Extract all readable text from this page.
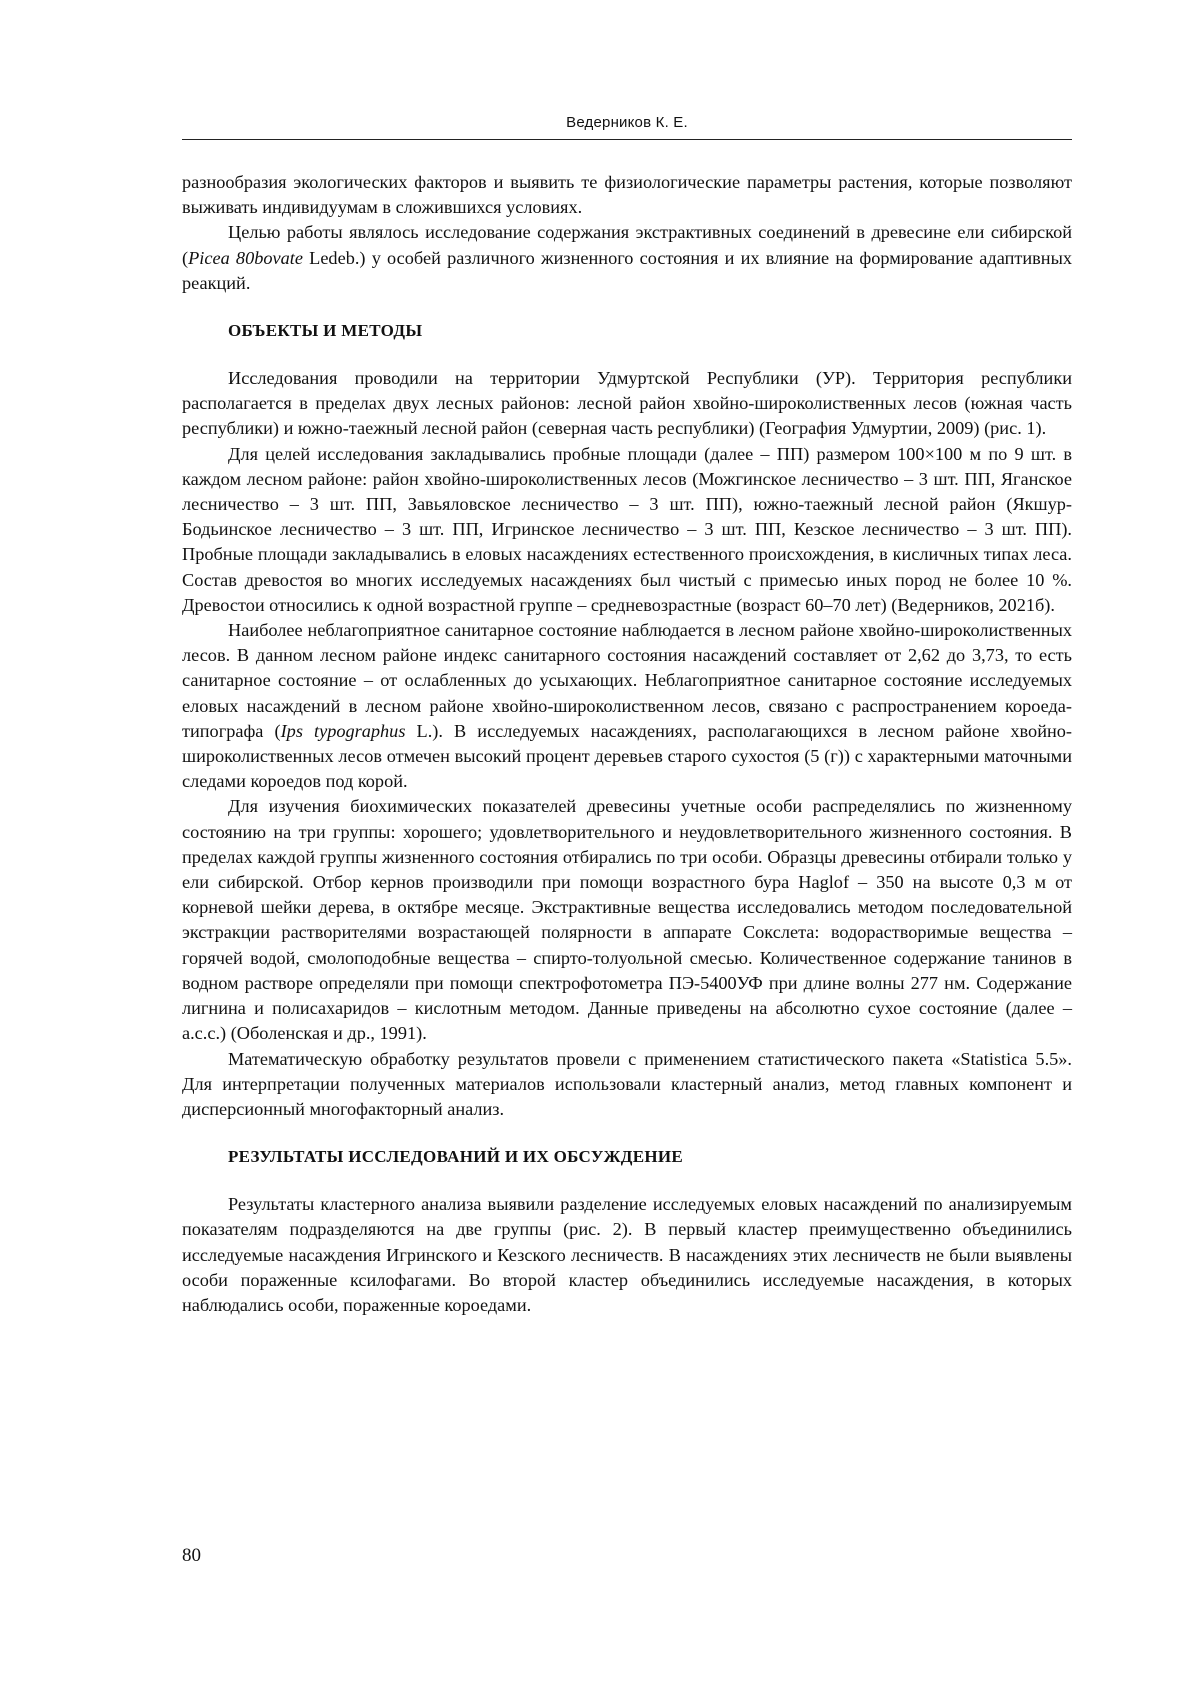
Ведерников К. Е.

разнообразия экологических факторов и выявить те физиологические параметры растения, которые позволяют выживать индивидуумам в сложившихся условиях.

Целью работы являлось исследование содержания экстрактивных соединений в древесине ели сибирской (Picea 80bovate Ledeb.) у особей различного жизненного состояния и их влияние на формирование адаптивных реакций.

ОБЪЕКТЫ И МЕТОДЫ

Исследования проводили на территории Удмуртской Республики (УР). Территория республики располагается в пределах двух лесных районов: лесной район хвойно-широколиственных лесов (южная часть республики) и южно-таежный лесной район (северная часть республики) (География Удмуртии, 2009) (рис. 1).

Для целей исследования закладывались пробные площади (далее – ПП) размером 100×100 м по 9 шт. в каждом лесном районе: район хвойно-широколиственных лесов (Можгинское лесничество – 3 шт. ПП, Яганское лесничество – 3 шт. ПП, Завьяловское лесничество – 3 шт. ПП), южно-таежный лесной район (Якшур-Бодьинское лесничество – 3 шт. ПП, Игринское лесничество – 3 шт. ПП, Кезское лесничество – 3 шт. ПП). Пробные площади закладывались в еловых насаждениях естественного происхождения, в кисличных типах леса. Состав древостоя во многих исследуемых насаждениях был чистый с примесью иных пород не более 10 %. Древостои относились к одной возрастной группе – средневозрастные (возраст 60–70 лет) (Ведерников, 2021б).

Наиболее неблагоприятное санитарное состояние наблюдается в лесном районе хвойно-широколиственных лесов. В данном лесном районе индекс санитарного состояния насаждений составляет от 2,62 до 3,73, то есть санитарное состояние – от ослабленных до усыхающих. Неблагоприятное санитарное состояние исследуемых еловых насаждений в лесном районе хвойно-широколиственном лесов, связано с распространением короеда-типографа (Ips typographus L.). В исследуемых насаждениях, располагающихся в лесном районе хвойно-широколиственных лесов отмечен высокий процент деревьев старого сухостоя (5 (г)) с характерными маточными следами короедов под корой.

Для изучения биохимических показателей древесины учетные особи распределялись по жизненному состоянию на три группы: хорошего; удовлетворительного и неудовлетворительного жизненного состояния. В пределах каждой группы жизненного состояния отбирались по три особи. Образцы древесины отбирали только у ели сибирской. Отбор кернов производили при помощи возрастного бура Haglof – 350 на высоте 0,3 м от корневой шейки дерева, в октябре месяце. Экстрактивные вещества исследовались методом последовательной экстракции растворителями возрастающей полярности в аппарате Сокслета: водорастворимые вещества – горячей водой, смолоподобные вещества – спирто-толуольной смесью. Количественное содержание танинов в водном растворе определяли при помощи спектрофотометра ПЭ-5400УФ при длине волны 277 нм. Содержание лигнина и полисахаридов – кислотным методом. Данные приведены на абсолютно сухое состояние (далее – а.с.с.) (Оболенская и др., 1991).

Математическую обработку результатов провели с применением статистического пакета «Statistica 5.5». Для интерпретации полученных материалов использовали кластерный анализ, метод главных компонент и дисперсионный многофакторный анализ.

РЕЗУЛЬТАТЫ ИССЛЕДОВАНИЙ И ИХ ОБСУЖДЕНИЕ

Результаты кластерного анализа выявили разделение исследуемых еловых насаждений по анализируемым показателям подразделяются на две группы (рис. 2). В первый кластер преимущественно объединились исследуемые насаждения Игринского и Кезского лесничеств. В насаждениях этих лесничеств не были выявлены особи пораженные ксилофагами. Во второй кластер объединились исследуемые насаждения, в которых наблюдались особи, пораженные короедами.

80
